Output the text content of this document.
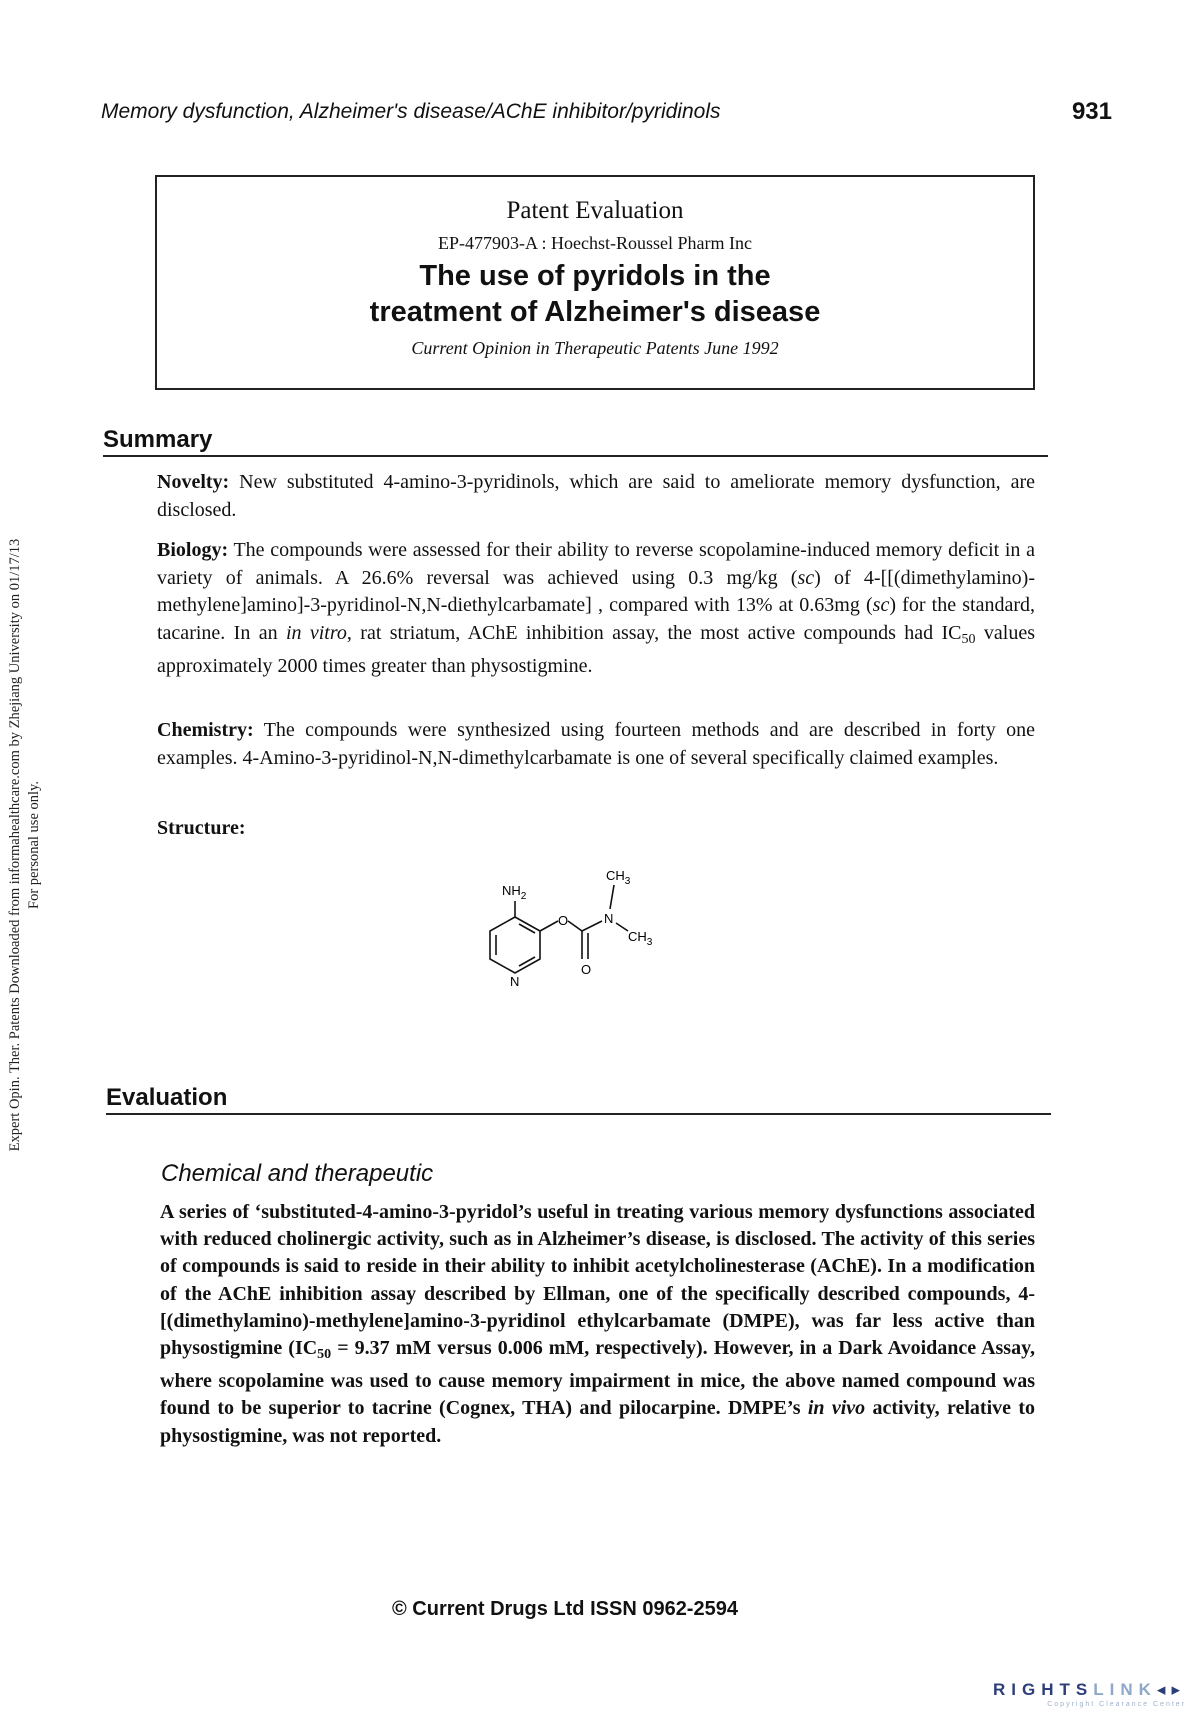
Memory dysfunction, Alzheimer's disease/AChE inhibitor/pyridinols	931
Expert Opin. Ther. Patents Downloaded from informahealthcare.com by Zhejiang University on 01/17/13 For personal use only.
Patent Evaluation
EP-477903-A : Hoechst-Roussel Pharm Inc
The use of pyridols in the
treatment of Alzheimer's disease
Current Opinion in Therapeutic Patents June 1992
Summary

Novelty: New substituted 4-amino-3-pyridinols, which are said to ameliorate memory dysfunction, are disclosed.

Biology: The compounds were assessed for their ability to reverse scopolamine-induced memory deficit in a variety of animals. A 26.6% reversal was achieved using 0.3 mg/kg (sc) of 4-[[(dimethylamino)-methylene]amino]-3-pyridinol-N,N-diethylcarbamate] , compared with 13% at 0.63mg (sc) for the standard, tacarine. In an in vitro, rat striatum, AChE inhibition assay, the most active compounds had $IC_{50}$ values approximately 2000 times greater than physostigmine.

Chemistry: The compounds were synthesized using fourteen methods and are described in forty one examples. 4-Amino-3-pyridinol-N,N-dimethylcarbamate is one of several specifically claimed examples.

Structure:

$NH_2$
O	N
O
N
$CH_3$
$CH_3$
Evaluation
Chemical and therapeutic

A series of ‘substituted-4-amino-3-pyridol’s useful in treating various memory dysfunctions associated with reduced cholinergic activity, such as in Alzheimer’s disease, is disclosed. The activity of this series of compounds is said to reside in their ability to inhibit acetylcholinesterase (AChE). In a modification of the AChE inhibition assay described by Ellman, one of the specifically described compounds, 4-[(dimethylamino)-methylene]amino-3-pyridinol ethylcarbamate (DMPE), was far less active than physostigmine ($IC_{50} = 9.37$ mM versus 0.006 mM, respectively). However, in a Dark Avoidance Assay, where scopolamine was used to cause memory impairment in mice, the above named compound was found to be superior to tacrine (Cognex, THA) and pilocarpine. DMPE’s in vivo activity, relative to physostigmine, was not reported.

© Current Drugs Ltd ISSN 0962-2594
RIGHTSLINK◂▸
Copyright Clearance Center
